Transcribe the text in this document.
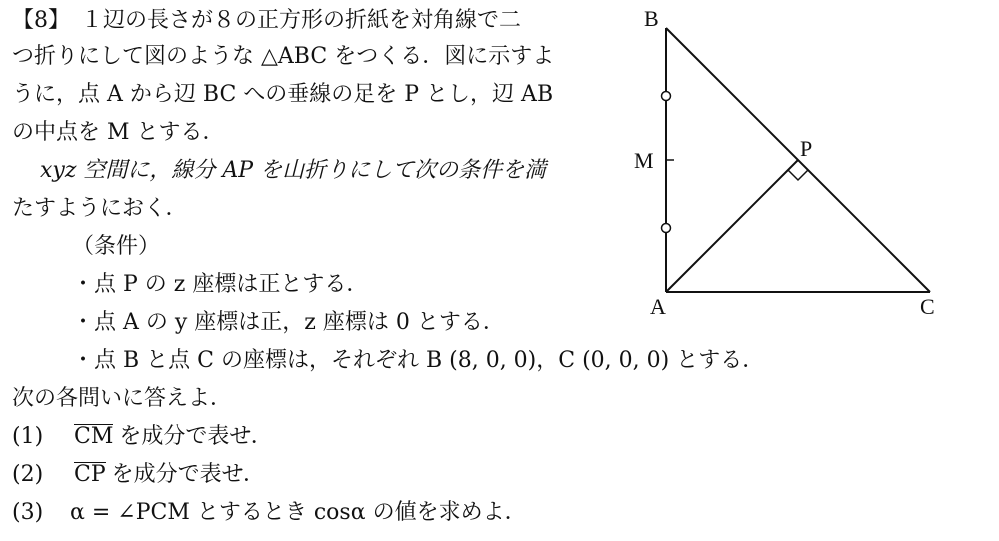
【8】　１辺の長さが８の正方形の折紙を対角線で二
つ折りにして図のような △ABC をつくる．図に示すよ
うに，点 A から辺 BC への垂線の足を P とし，辺 AB
の中点を M とする．
xyz 空間に，線分 AP を山折りにして次の条件を満
たすようにおく．
（条件）
・点 P の z 座標は正とする．
・点 A の y 座標は正，z 座標は 0 とする．
・点 B と点 C の座標は，それぞれ B (8, 0, 0)，C (0, 0, 0) とする．
次の各問いに答えよ．
(1) CM を成分で表せ．
(2) CP を成分で表せ．
(3) α = ∠PCM とするとき cosα の値を求めよ．
B
M	P
A	C
